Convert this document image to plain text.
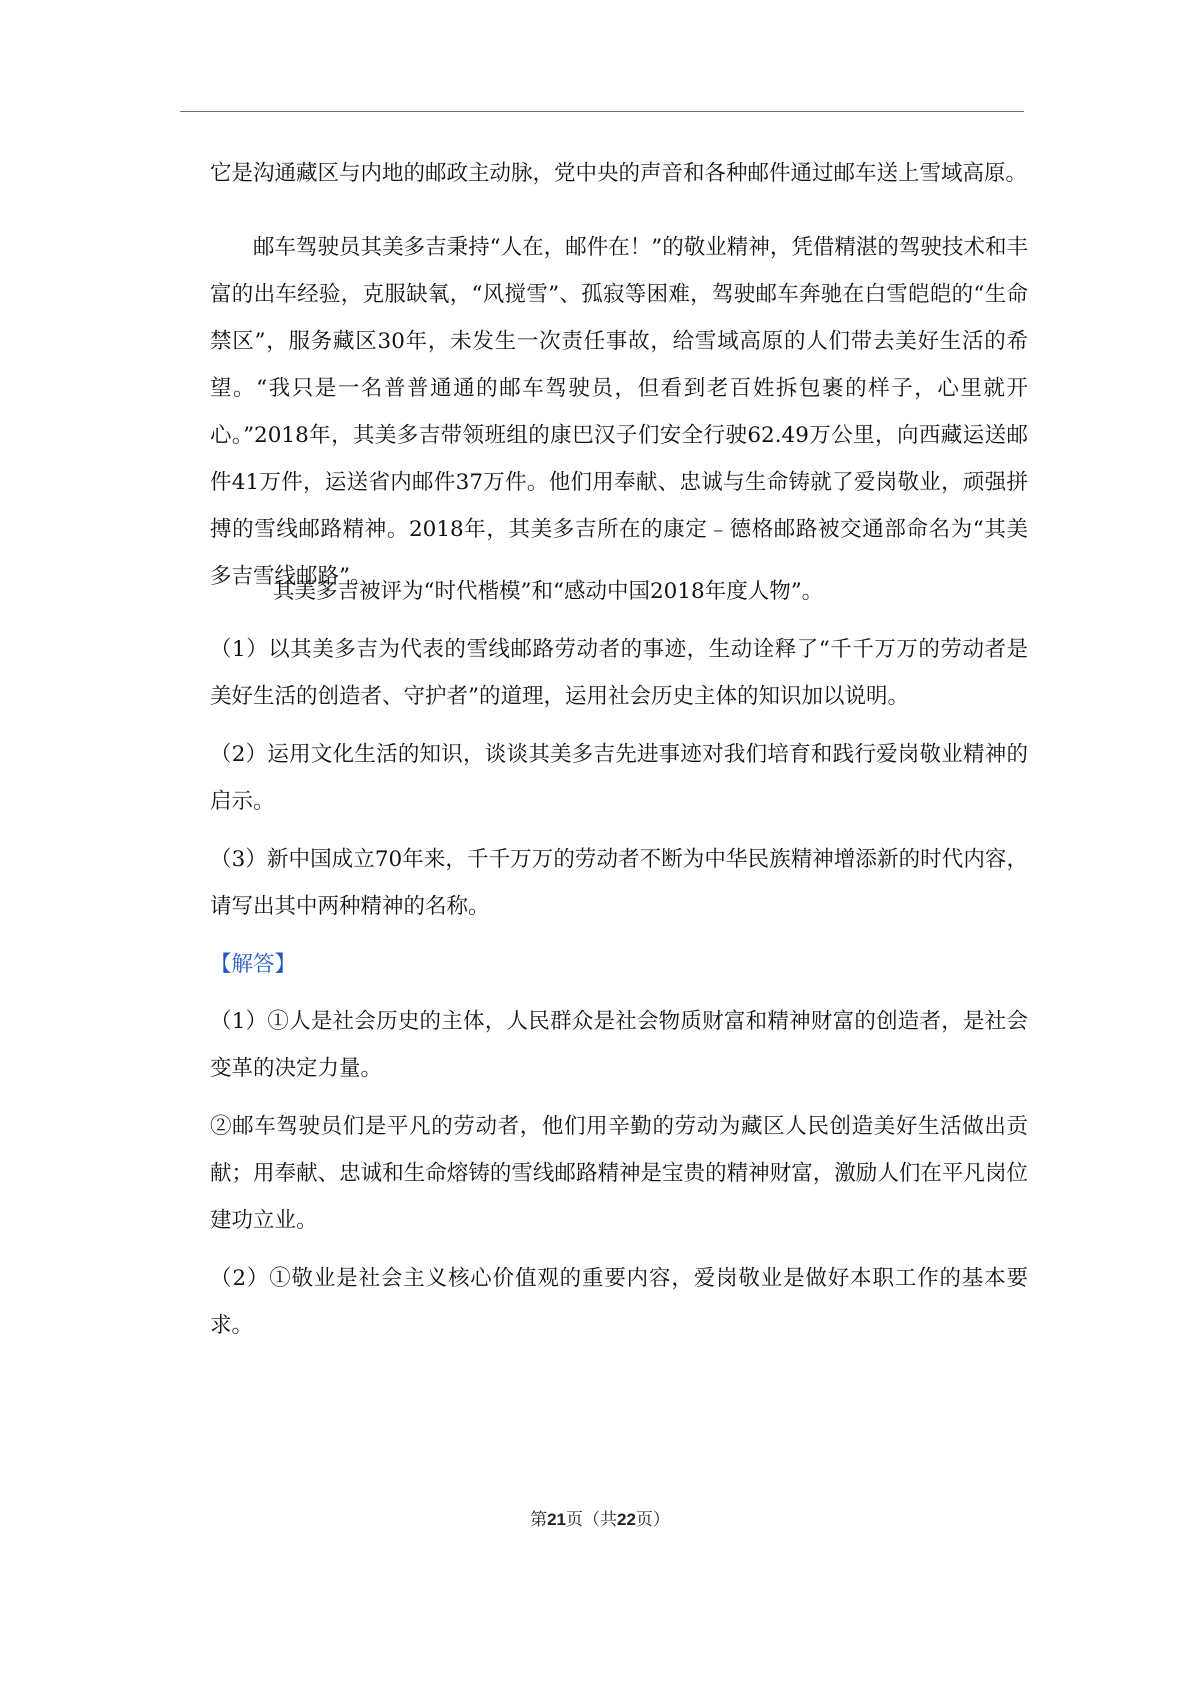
它是沟通藏区与内地的邮政主动脉，党中央的声音和各种邮件通过邮车送上雪域高原。

邮车驾驶员其美多吉秉持“人在，邮件在！”的敬业精神，凭借精湛的驾驶技术和丰富的出车经验，克服缺氧，“风搅雪”、孤寂等困难，驾驶邮车奔驰在白雪皑皑的“生命禁区”，服务藏区30年，未发生一次责任事故，给雪域高原的人们带去美好生活的希望。“我只是一名普普通通的邮车驾驶员，但看到老百姓拆包裹的样子，心里就开心。”2018年，其美多吉带领班组的康巴汉子们安全行驶62.49万公里，向西藏运送邮件41万件，运送省内邮件37万件。他们用奉献、忠诚与生命铸就了爱岗敬业，顽强拼搏的雪线邮路精神。2018年，其美多吉所在的康定﹣德格邮路被交通部命名为“其美多吉雪线邮路”。

其美多吉被评为“时代楷模”和“感动中国2018年度人物”。

（1）以其美多吉为代表的雪线邮路劳动者的事迹，生动诠释了“千千万万的劳动者是美好生活的创造者、守护者”的道理，运用社会历史主体的知识加以说明。

（2）运用文化生活的知识，谈谈其美多吉先进事迹对我们培育和践行爱岗敬业精神的启示。

（3）新中国成立70年来，千千万万的劳动者不断为中华民族精神增添新的时代内容，请写出其中两种精神的名称。

【解答】

（1）①人是社会历史的主体，人民群众是社会物质财富和精神财富的创造者，是社会变革的决定力量。

②邮车驾驶员们是平凡的劳动者，他们用辛勤的劳动为藏区人民创造美好生活做出贡献；用奉献、忠诚和生命熔铸的雪线邮路精神是宝贵的精神财富，激励人们在平凡岗位建功立业。

（2）①敬业是社会主义核心价值观的重要内容，爱岗敬业是做好本职工作的基本要求。

第21页（共22页）
